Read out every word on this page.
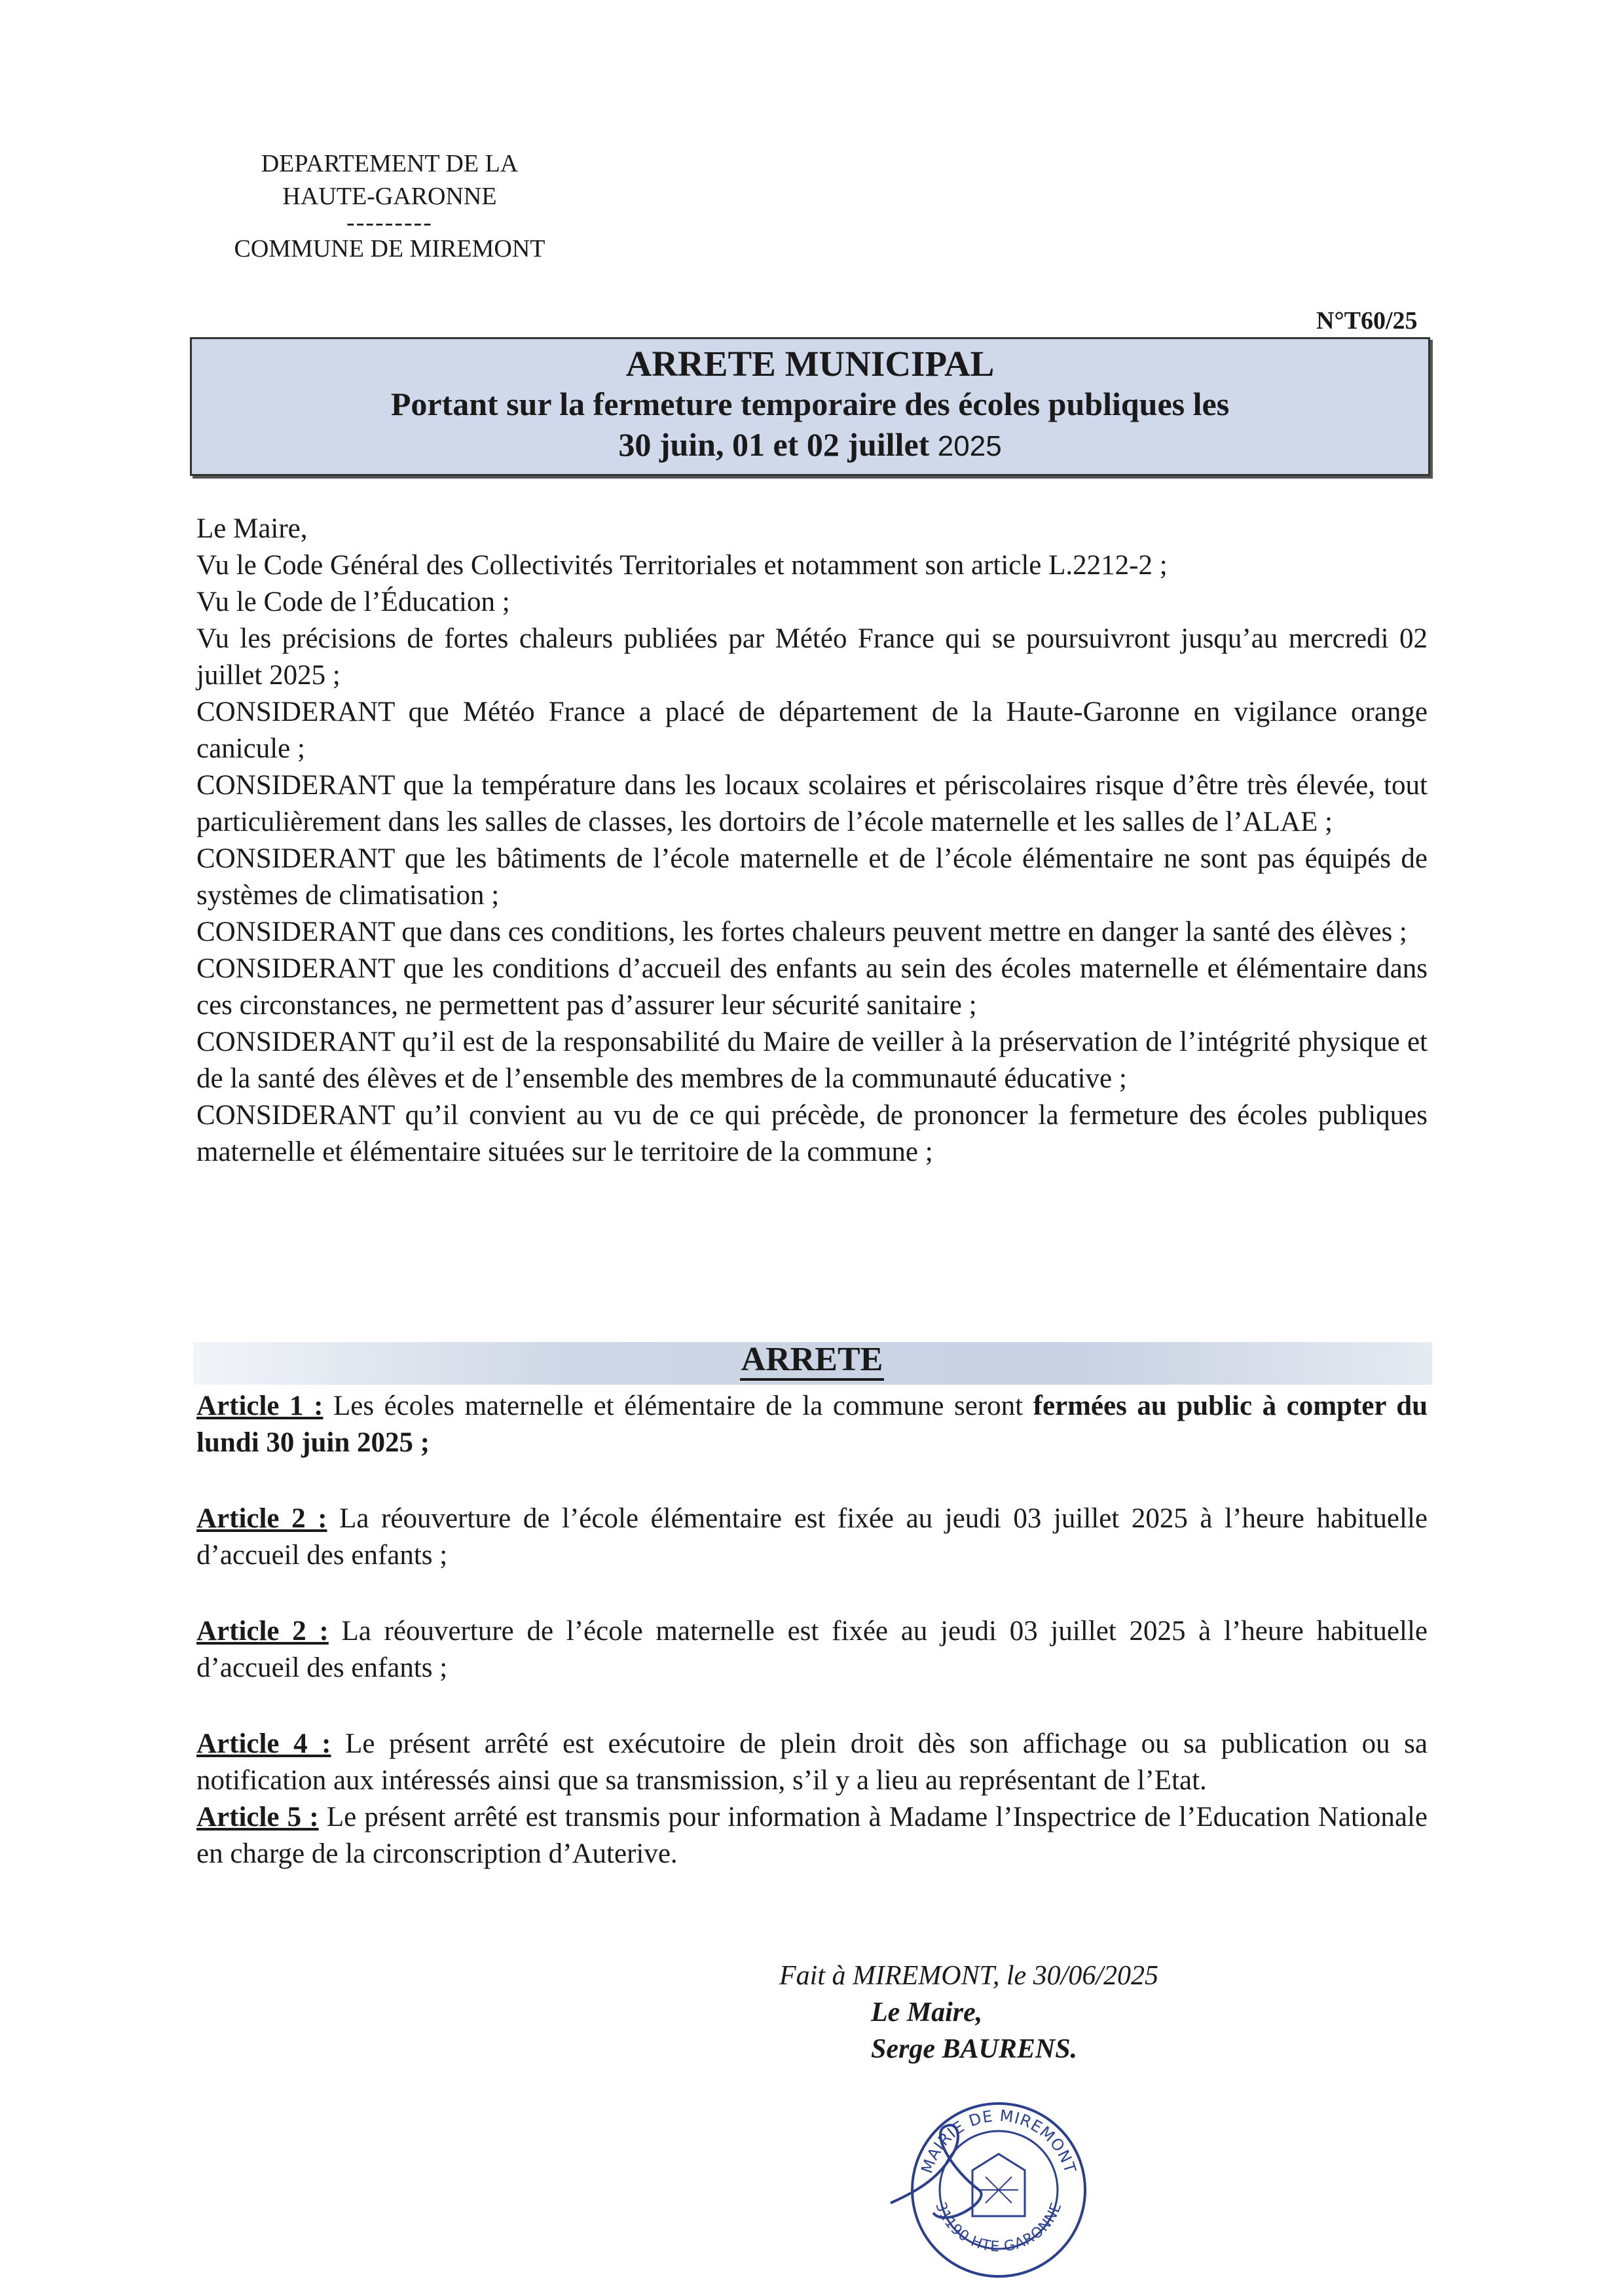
DEPARTEMENT DE LA
HAUTE-GARONNE
---------
COMMUNE DE MIREMONT
N°T60/25
ARRETE MUNICIPAL
Portant sur la fermeture temporaire des écoles publiques les
30 juin, 01 et 02 juillet 2025

Le Maire,

Vu le Code Général des Collectivités Territoriales et notamment son article L.2212-2 ;

Vu le Code de l’Éducation ;

Vu les précisions de fortes chaleurs publiées par Météo France qui se poursuivront jusqu’au mercredi 02 juillet 2025 ;

CONSIDERANT que Météo France a placé de département de la Haute-Garonne en vigilance orange canicule ;

CONSIDERANT que la température dans les locaux scolaires et périscolaires risque d’être très élevée, tout particulièrement dans les salles de classes, les dortoirs de l’école maternelle et les salles de l’ALAE ;

CONSIDERANT que les bâtiments de l’école maternelle et de l’école élémentaire ne sont pas équipés de systèmes de climatisation ;

CONSIDERANT que dans ces conditions, les fortes chaleurs peuvent mettre en danger la santé des élèves ;

CONSIDERANT que les conditions d’accueil des enfants au sein des écoles maternelle et élémentaire dans ces circonstances, ne permettent pas d’assurer leur sécurité sanitaire ;

CONSIDERANT qu’il est de la responsabilité du Maire de veiller à la préservation de l’intégrité physique et de la santé des élèves et de l’ensemble des membres de la communauté éducative ;

CONSIDERANT qu’il convient au vu de ce qui précède, de prononcer la fermeture des écoles publiques maternelle et élémentaire situées sur le territoire de la commune ;

ARRETE

Article 1 : Les écoles maternelle et élémentaire de la commune seront fermées au public à compter du lundi 30 juin 2025 ;

Article 2 : La réouverture de l’école élémentaire est fixée au jeudi 03 juillet 2025 à l’heure habituelle d’accueil des enfants ;

Article 2 : La réouverture de l’école maternelle est fixée au jeudi 03 juillet 2025 à l’heure habituelle d’accueil des enfants ;

Article 4 : Le présent arrêté est exécutoire de plein droit dès son affichage ou sa publication ou sa notification aux intéressés ainsi que sa transmission, s’il y a lieu au représentant de l’Etat.

Article 5 : Le présent arrêté est transmis pour information à Madame l’Inspectrice de l’Education Nationale en charge de la circonscription d’Auterive.

Fait à MIREMONT, le 30/06/2025
Le Maire,
Serge BAURENS.
MAIRIE DE MIREMONT
31190 HTE GARONNE
